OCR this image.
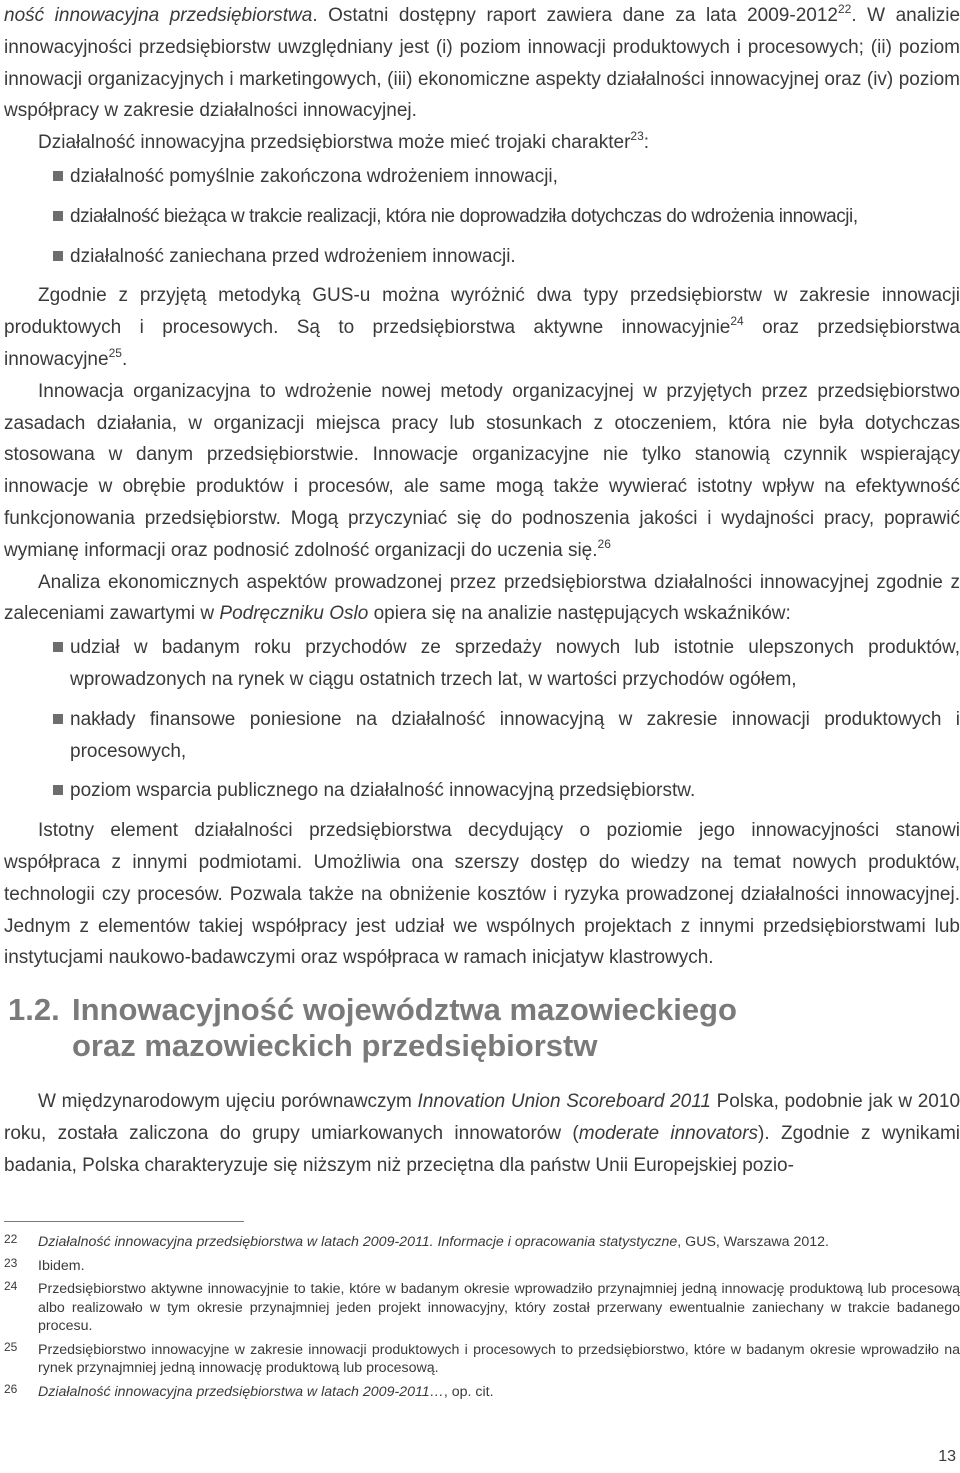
ność innowacyjna przedsiębiorstwa. Ostatni dostępny raport zawiera dane za lata 2009-2012$^{22}$. W analizie innowacyjności przedsiębiorstw uwzględniany jest (i) poziom innowacji produktowych i procesowych; (ii) poziom innowacji organizacyjnych i marketingowych, (iii) ekonomiczne aspekty działalności innowacyjnej oraz (iv) poziom współpracy w zakresie działalności innowacyjnej.

Działalność innowacyjna przedsiębiorstwa może mieć trojaki charakter$^{23}$:

działalność pomyślnie zakończona wdrożeniem innowacji,
działalność bieżąca w trakcie realizacji, która nie doprowadziła dotychczas do wdrożenia innowacji,
działalność zaniechana przed wdrożeniem innowacji.

Zgodnie z przyjętą metodyką GUS-u można wyróżnić dwa typy przedsiębiorstw w zakresie innowacji produktowych i procesowych. Są to przedsiębiorstwa aktywne innowacyjnie$^{24}$ oraz przedsiębiorstwa innowacyjne$^{25}$.

Innowacja organizacyjna to wdrożenie nowej metody organizacyjnej w przyjętych przez przedsiębiorstwo zasadach działania, w organizacji miejsca pracy lub stosunkach z otoczeniem, która nie była dotychczas stosowana w danym przedsiębiorstwie. Innowacje organizacyjne nie tylko stanowią czynnik wspierający innowacje w obrębie produktów i procesów, ale same mogą także wywierać istotny wpływ na efektywność funkcjonowania przedsiębiorstw. Mogą przyczyniać się do podnoszenia jakości i wydajności pracy, poprawić wymianę informacji oraz podnosić zdolność organizacji do uczenia się.$^{26}$

Analiza ekonomicznych aspektów prowadzonej przez przedsiębiorstwa działalności innowacyjnej zgodnie z zaleceniami zawartymi w Podręczniku Oslo opiera się na analizie następujących wskaźników:

udział w badanym roku przychodów ze sprzedaży nowych lub istotnie ulepszonych produktów, wprowadzonych na rynek w ciągu ostatnich trzech lat, w wartości przychodów ogółem,
nakłady finansowe poniesione na działalność innowacyjną w zakresie innowacji produktowych i procesowych,
poziom wsparcia publicznego na działalność innowacyjną przedsiębiorstw.

Istotny element działalności przedsiębiorstwa decydujący o poziomie jego innowacyjności stanowi współpraca z innymi podmiotami. Umożliwia ona szerszy dostęp do wiedzy na temat nowych produktów, technologii czy procesów. Pozwala także na obniżenie kosztów i ryzyka prowadzonej działalności innowacyjnej. Jednym z elementów takiej współpracy jest udział we wspólnych projektach z innymi przedsiębiorstwami lub instytucjami naukowo-badawczymi oraz współpraca w ramach inicjatyw klastrowych.

1.2. Innowacyjność województwa mazowieckiego
oraz mazowieckich przedsiębiorstw

W międzynarodowym ujęciu porównawczym Innovation Union Scoreboard 2011 Polska, podobnie jak w 2010 roku, została zaliczona do grupy umiarkowanych innowatorów (moderate innovators). Zgodnie z wynikami badania, Polska charakteryzuje się niższym niż przeciętna dla państw Unii Europejskiej pozio-

22 Działalność innowacyjna przedsiębiorstwa w latach 2009-2011. Informacje i opracowania statystyczne, GUS, Warszawa 2012.
23 Ibidem.
24 Przedsiębiorstwo aktywne innowacyjnie to takie, które w badanym okresie wprowadziło przynajmniej jedną innowację produktową lub procesową albo realizowało w tym okresie przynajmniej jeden projekt innowacyjny, który został przerwany ewentualnie zaniechany w trakcie badanego procesu.
25 Przedsiębiorstwo innowacyjne w zakresie innowacji produktowych i procesowych to przedsiębiorstwo, które w badanym okresie wprowadziło na rynek przynajmniej jedną innowację produktową lub procesową.
26 Działalność innowacyjna przedsiębiorstwa w latach 2009-2011…, op. cit.
13
